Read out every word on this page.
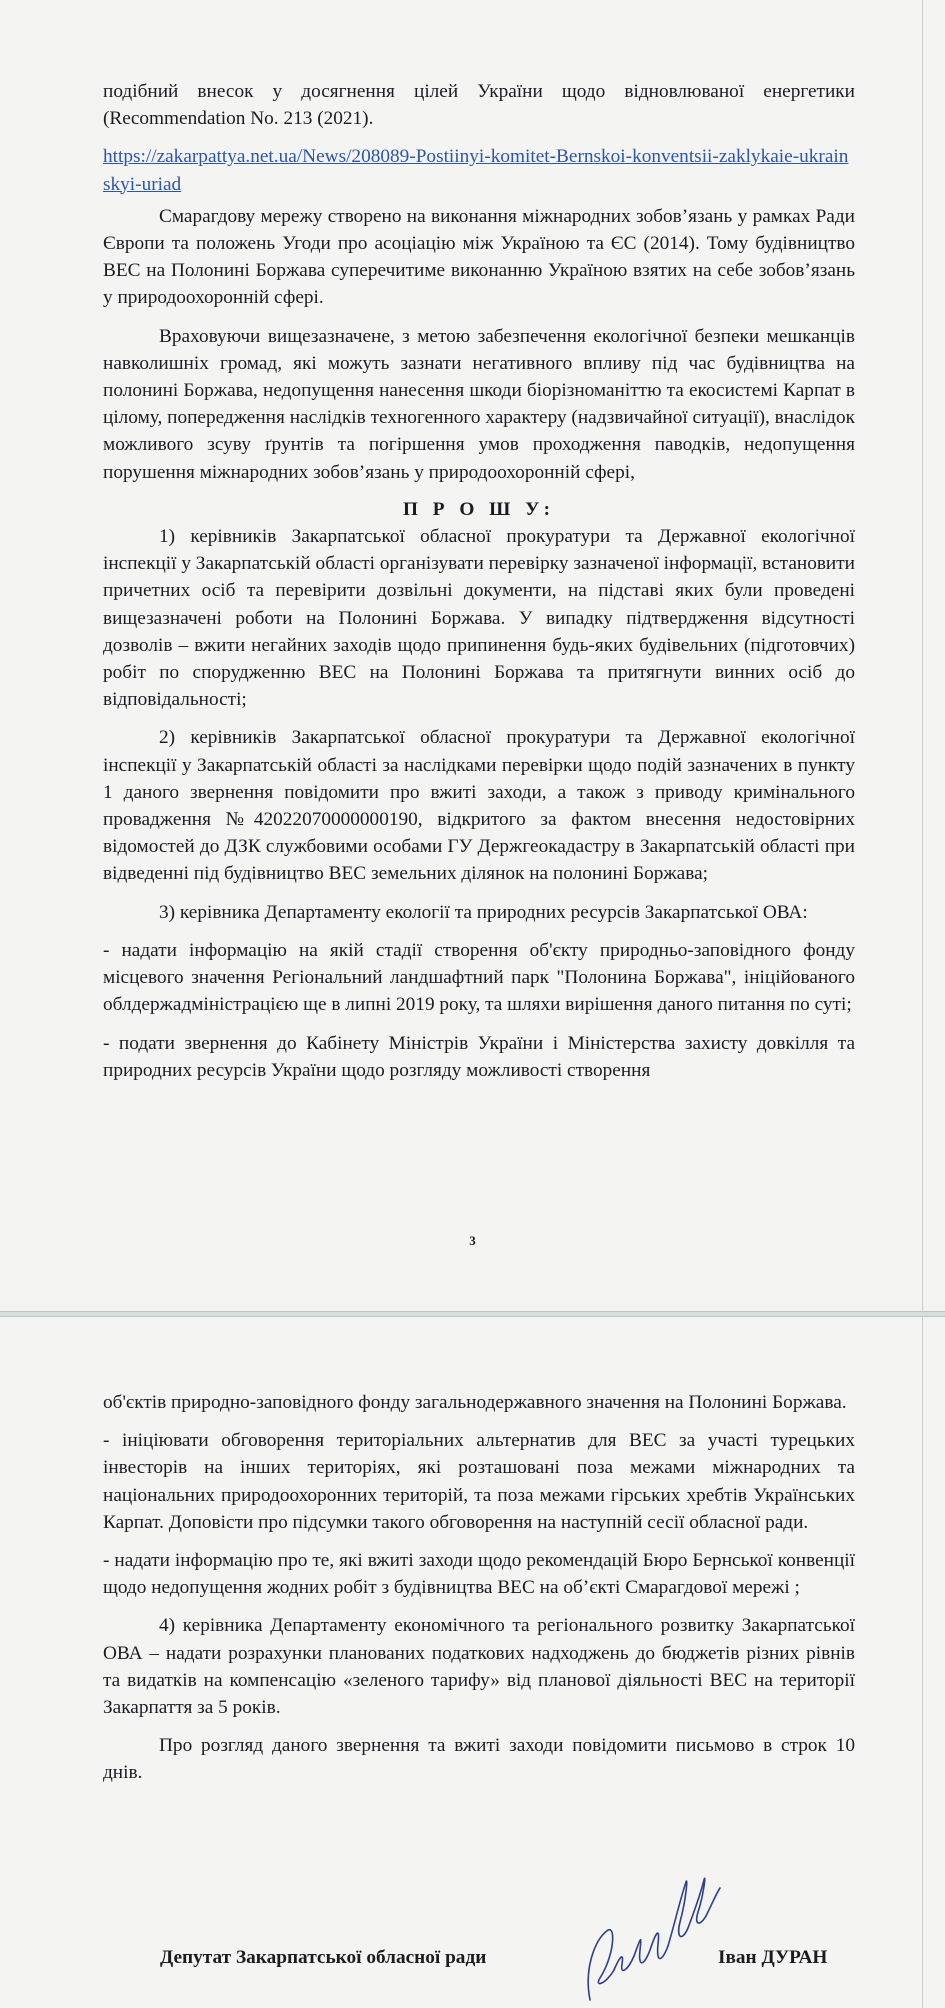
подібний внесок у досягнення цілей України щодо відновлюваної енергетики (Recommendation No. 213 (2021).

https://zakarpattya.net.ua/News/208089-Postiinyi-komitet-Bernskoi-konventsii-zaklykaie-ukrainskyi-uriad

Смарагдову мережу створено на виконання міжнародних зобов’язань у рамках Ради Європи та положень Угоди про асоціацію між Україною та ЄС (2014). Тому будівництво ВЕС на Полонині Боржава суперечитиме виконанню Україною взятих на себе зобов’язань у природоохоронній сфері.

Враховуючи вищезазначене, з метою забезпечення екологічної безпеки мешканців навколишніх громад, які можуть зазнати негативного впливу під час будівництва на полонині Боржава, недопущення нанесення шкоди біорізноманіттю та екосистемі Карпат в цілому, попередження наслідків техногенного характеру (надзвичайної ситуації), внаслідок можливого зсуву ґрунтів та погіршення умов проходження паводків, недопущення порушення міжнародних зобов’язань у природоохоронній сфері,

П Р О Ш У:

1) керівників Закарпатської обласної прокуратури та Державної екологічної інспекції у Закарпатській області організувати перевірку зазначеної інформації, встановити причетних осіб та перевірити дозвільні документи, на підставі яких були проведені вищезазначені роботи на Полонині Боржава. У випадку підтвердження відсутності дозволів – вжити негайних заходів щодо припинення будь-яких будівельних (підготовчих) робіт по спорудженню ВЕС на Полонині Боржава та притягнути винних осіб до відповідальності;

2) керівників Закарпатської обласної прокуратури та Державної екологічної інспекції у Закарпатській області за наслідками перевірки щодо подій зазначених в пункту 1 даного звернення повідомити про вжиті заходи, а також з приводу кримінального провадження №42022070000000190, відкритого за фактом внесення недостовірних відомостей до ДЗК службовими особами ГУ Держгеокадастру в Закарпатській області при відведенні під будівництво ВЕС земельних ділянок на полонині Боржава;

3) керівника Департаменту екології та природних ресурсів Закарпатської ОВА:

- надати інформацію на якій стадії створення об'єкту природньо-заповідного фонду місцевого значення Регіональний ландшафтний парк "Полонина Боржава", ініційованого облдержадміністрацією ще в липні 2019 року, та шляхи вирішення даного питання по суті;

- подати звернення до Кабінету Міністрів України і Міністерства захисту довкілля та природних ресурсів України щодо розгляду можливості створення

3

об'єктів природно-заповідного фонду загальнодержавного значення на Полонині Боржава.

- ініціювати обговорення територіальних альтернатив для ВЕС за участі турецьких інвесторів на інших територіях, які розташовані поза межами міжнародних та національних природоохоронних територій, та поза межами гірських хребтів Українських Карпат. Доповісти про підсумки такого обговорення на наступній сесії обласної ради.

- надати інформацію про те, які вжиті заходи щодо рекомендацій Бюро Бернської конвенції щодо недопущення жодних робіт з будівництва ВЕС на об’єкті Смарагдової мережі ;

4) керівника Департаменту економічного та регіонального розвитку Закарпатської ОВА – надати розрахунки планованих податкових надходжень до бюджетів різних рівнів та видатків на компенсацію «зеленого тарифу» від планової діяльності ВЕС на території Закарпаття за 5 років.

Про розгляд даного звернення та вжиті заходи повідомити письмово в строк 10 днів.

Депутат Закарпатської обласної ради	Іван ДУРАН
